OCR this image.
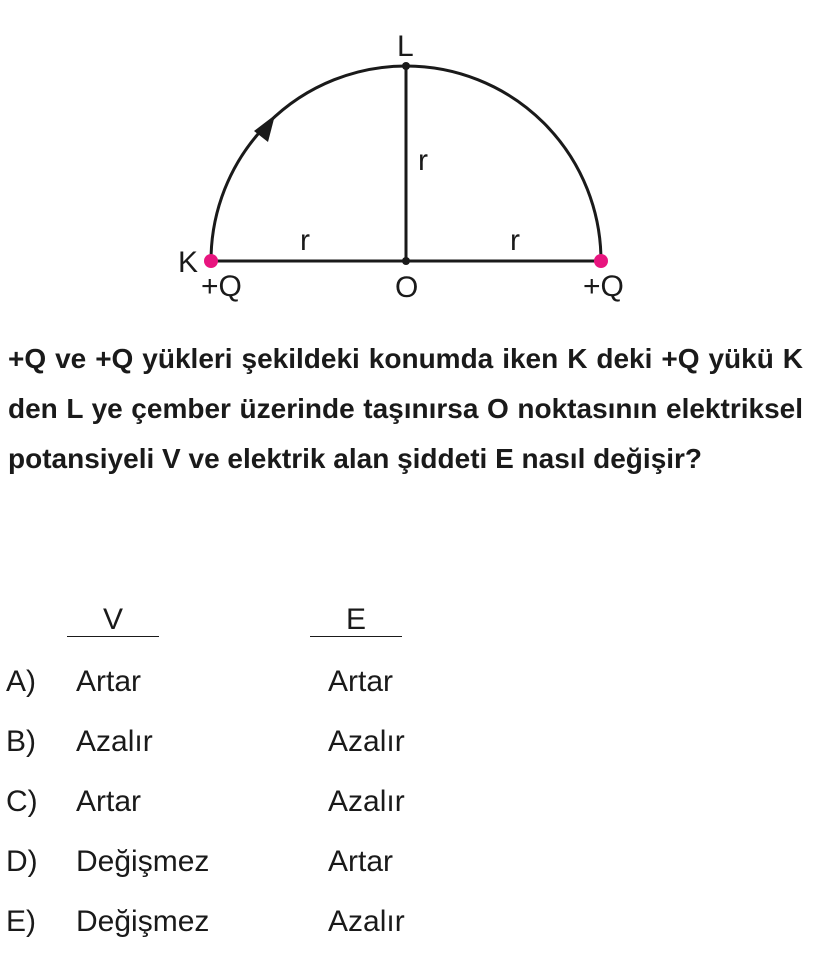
L
K
O
r
r	r
+Q	+Q

+Q ve +Q yükleri şekildeki konumda iken K deki +Q yükü K den L ye çember üzerinde taşınırsa O noktasının elektriksel potansiyeli V ve elektrik alan şiddeti E nasıl değişir?

V	E
A) Artar	Artar
B) Azalır	Azalır
C) Artar	Azalır
D) Değişmez	Artar
E) Değişmez	Azalır
